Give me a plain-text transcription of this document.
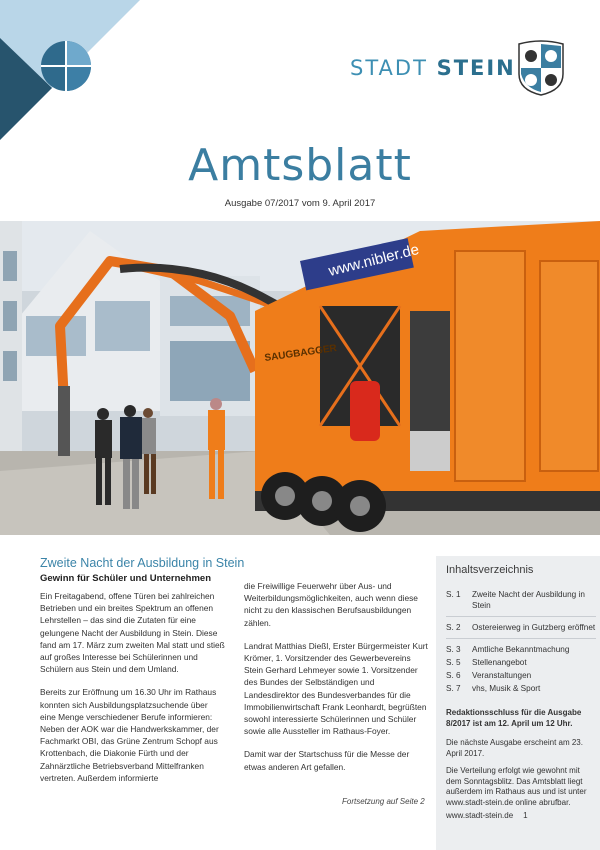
STADT STEIN
Amtsblatt
Ausgabe 07/2017 vom 9. April 2017
www.nibler.de
SAUGBAGGER
Zweite Nacht der Ausbildung in Stein
Gewinn für Schüler und Unternehmen

Ein Freitagabend, offene Türen bei zahlreichen Betrieben und ein breites Spektrum an offenen Lehrstellen – das sind die Zutaten für eine gelungene Nacht der Ausbildung in Stein. Diese fand am 17. März zum zweiten Mal statt und stieß auf großes Interesse bei Schülerinnen und Schülern aus Stein und dem Umland.

Bereits zur Eröffnung um 16.30 Uhr im Rathaus konnten sich Ausbildungsplatzsuchende über eine Menge verschiedener Berufe informieren: Neben der AOK war die Handwerkskammer, der Fachmarkt OBI, das Grüne Zentrum Schopf aus Krottenbach, die Diakonie Fürth und der Zahnärztliche Betriebsverband Mittelfranken vertreten. Außerdem informierte

die Freiwillige Feuerwehr über Aus- und Weiterbildungsmöglichkeiten, auch wenn diese nicht zu den klassischen Berufsausbildungen zählen.

Landrat Matthias Dießl, Erster Bürgermeister Kurt Krömer, 1. Vorsitzender des Gewerbevereins Stein Gerhard Lehmeyer sowie 1. Vorsitzender des Bundes der Selbständigen und Landesdirektor des Bundesverbandes für die Immobilienwirtschaft Frank Leonhardt, begrüßten sowohl interessierte Schülerinnen und Schüler sowie alle Aussteller im Rathaus-Foyer.

Damit war der Startschuss für die Messe der etwas anderen Art gefallen.

Fortsetzung auf Seite 2
Inhaltsverzeichnis
S. 1	Zweite Nacht der Ausbildung in Stein
S. 2	Ostereierweg in Gutzberg eröffnet
S. 3	Amtliche Bekanntmachung
S. 5	Stellenangebot
S. 6	Veranstaltungen
S. 7	vhs, Musik & Sport
Redaktionsschluss für die Ausgabe 8/2017 ist am 12. April um 12 Uhr.
Die nächste Ausgabe erscheint am 23. April 2017.
Die Verteilung erfolgt wie gewohnt mit dem Sonntagsblitz. Das Amtsblatt liegt außerdem im Rathaus aus und ist unter www.stadt-stein.de online abrufbar.
www.stadt-stein.de 1
